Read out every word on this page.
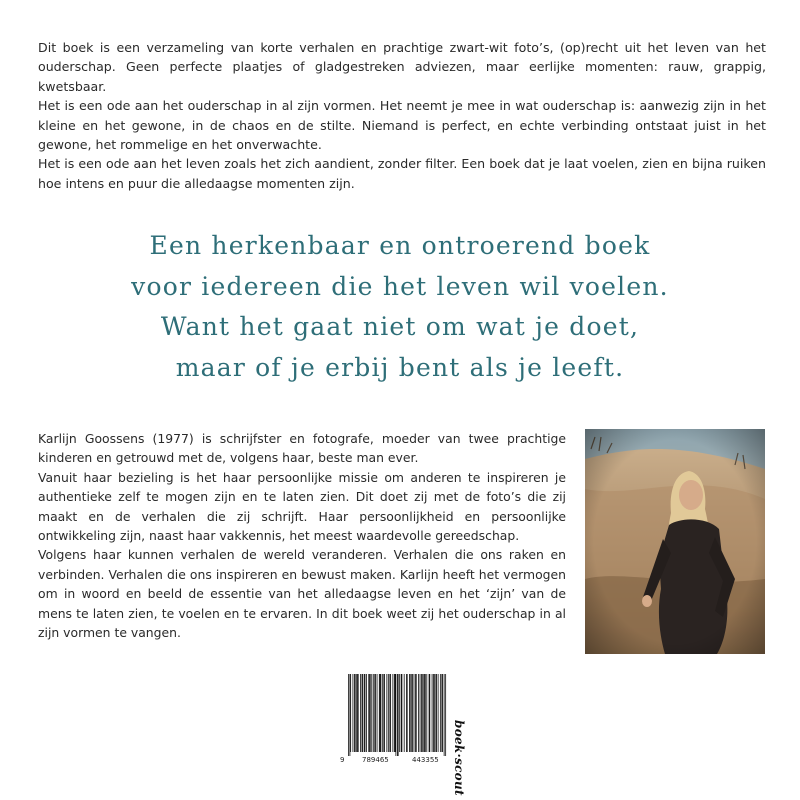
Dit boek is een verzameling van korte verhalen en prachtige zwart-wit foto’s, (op)recht uit het leven van het ouderschap. Geen perfecte plaatjes of gladgestreken adviezen, maar eerlijke momenten: rauw, grappig, kwetsbaar.

Het is een ode aan het ouderschap in al zijn vormen. Het neemt je mee in wat ouderschap is: aanwezig zijn in het kleine en het gewone, in de chaos en de stilte. Niemand is perfect, en echte verbinding ontstaat juist in het gewone, het rommelige en het onverwachte.

Het is een ode aan het leven zoals het zich aandient, zonder filter. Een boek dat je laat voelen, zien en bijna ruiken hoe intens en puur die alledaagse momenten zijn.

Een herkenbaar en ontroerend boek
voor iedereen die het leven wil voelen.
Want het gaat niet om wat je doet,
maar of je erbij bent als je leeft.

Karlijn Goossens (1977) is schrijfster en fotografe, moeder van twee prachtige kinderen en getrouwd met de, volgens haar, beste man ever.

Vanuit haar bezieling is het haar persoonlijke missie om anderen te inspireren je authentieke zelf te mogen zijn en te laten zien. Dit doet zij met de foto’s die zij maakt en de verhalen die zij schrijft. Haar persoonlijkheid en persoonlijke ontwikkeling zijn, naast haar vakkennis, het meest waardevolle gereedschap.

Volgens haar kunnen verhalen de wereld veranderen. Verhalen die ons raken en verbinden. Verhalen die ons inspireren en bewust maken. Karlijn heeft het vermogen om in woord en beeld de essentie van het alledaagse leven en het ‘zijn’ van de mens te laten zien, te voelen en te ervaren. In dit boek weet zij het ouderschap in al zijn vormen te vangen.

9	789465	443355 boek·scout
